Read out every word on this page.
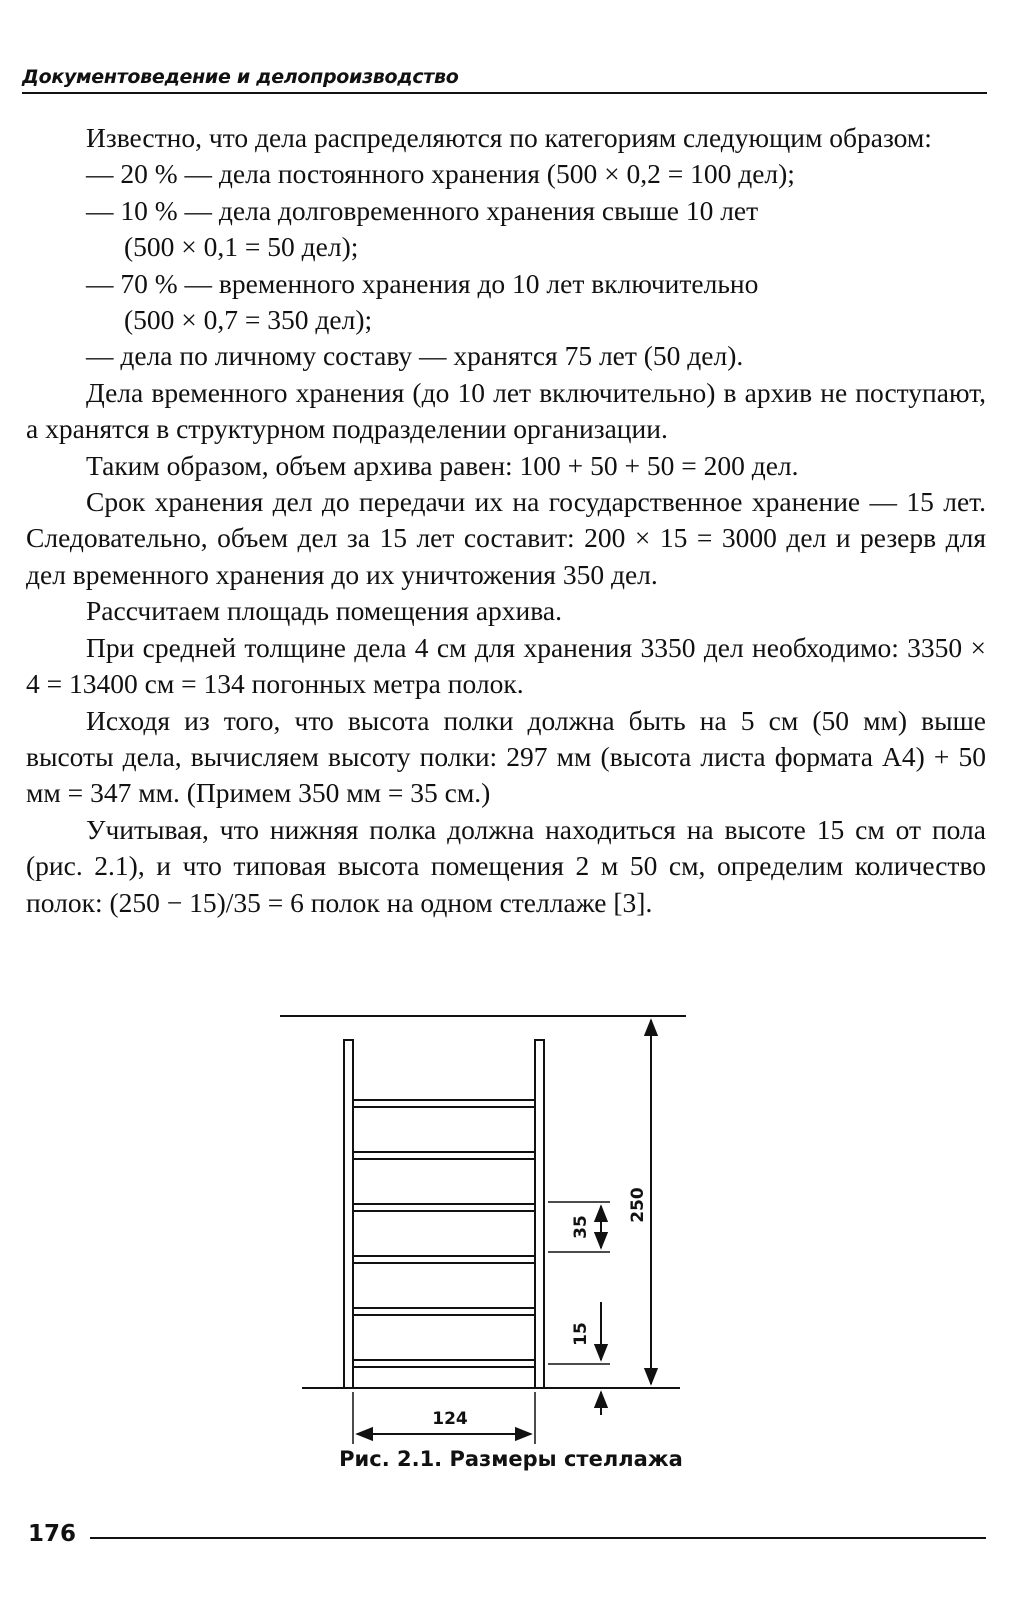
Документоведение и делопроизводство

Известно, что дела распределяются по категориям следующим образом:

— 20 % — дела постоянного хранения (500 × 0,2 = 100 дел);

— 10 % — дела долговременного хранения свыше 10 лет

(500 × 0,1 = 50 дел);

— 70 % — временного хранения до 10 лет включительно

(500 × 0,7 = 350 дел);

— дела по личному составу — хранятся 75 лет (50 дел).

Дела временного хранения (до 10 лет включительно) в архив не поступают, а хранятся в структурном подразделении организации.

Таким образом, объем архива равен: 100 + 50 + 50 = 200 дел.

Срок хранения дел до передачи их на государственное хранение — 15 лет. Следовательно, объем дел за 15 лет составит: 200 × 15 = 3000 дел и резерв для дел временного хранения до их уничтожения 350 дел.

Рассчитаем площадь помещения архива.

При средней толщине дела 4 см для хранения 3350 дел необходимо: 3350 × 4 = 13400 см = 134 погонных метра полок.

Исходя из того, что высота полки должна быть на 5 см (50 мм) выше высоты дела, вычисляем высоту полки: 297 мм (высота листа формата А4) + 50 мм = 347 мм. (Примем 350 мм = 35 см.)

Учитывая, что нижняя полка должна находиться на высоте 15 см от пола (рис. 2.1), и что типовая высота помещения 2 м 50 см, определим количество полок: (250 − 15)/35 = 6 полок на одном стеллаже [3].

250
35
15
124
Рис. 2.1. Размеры стеллажа
176
